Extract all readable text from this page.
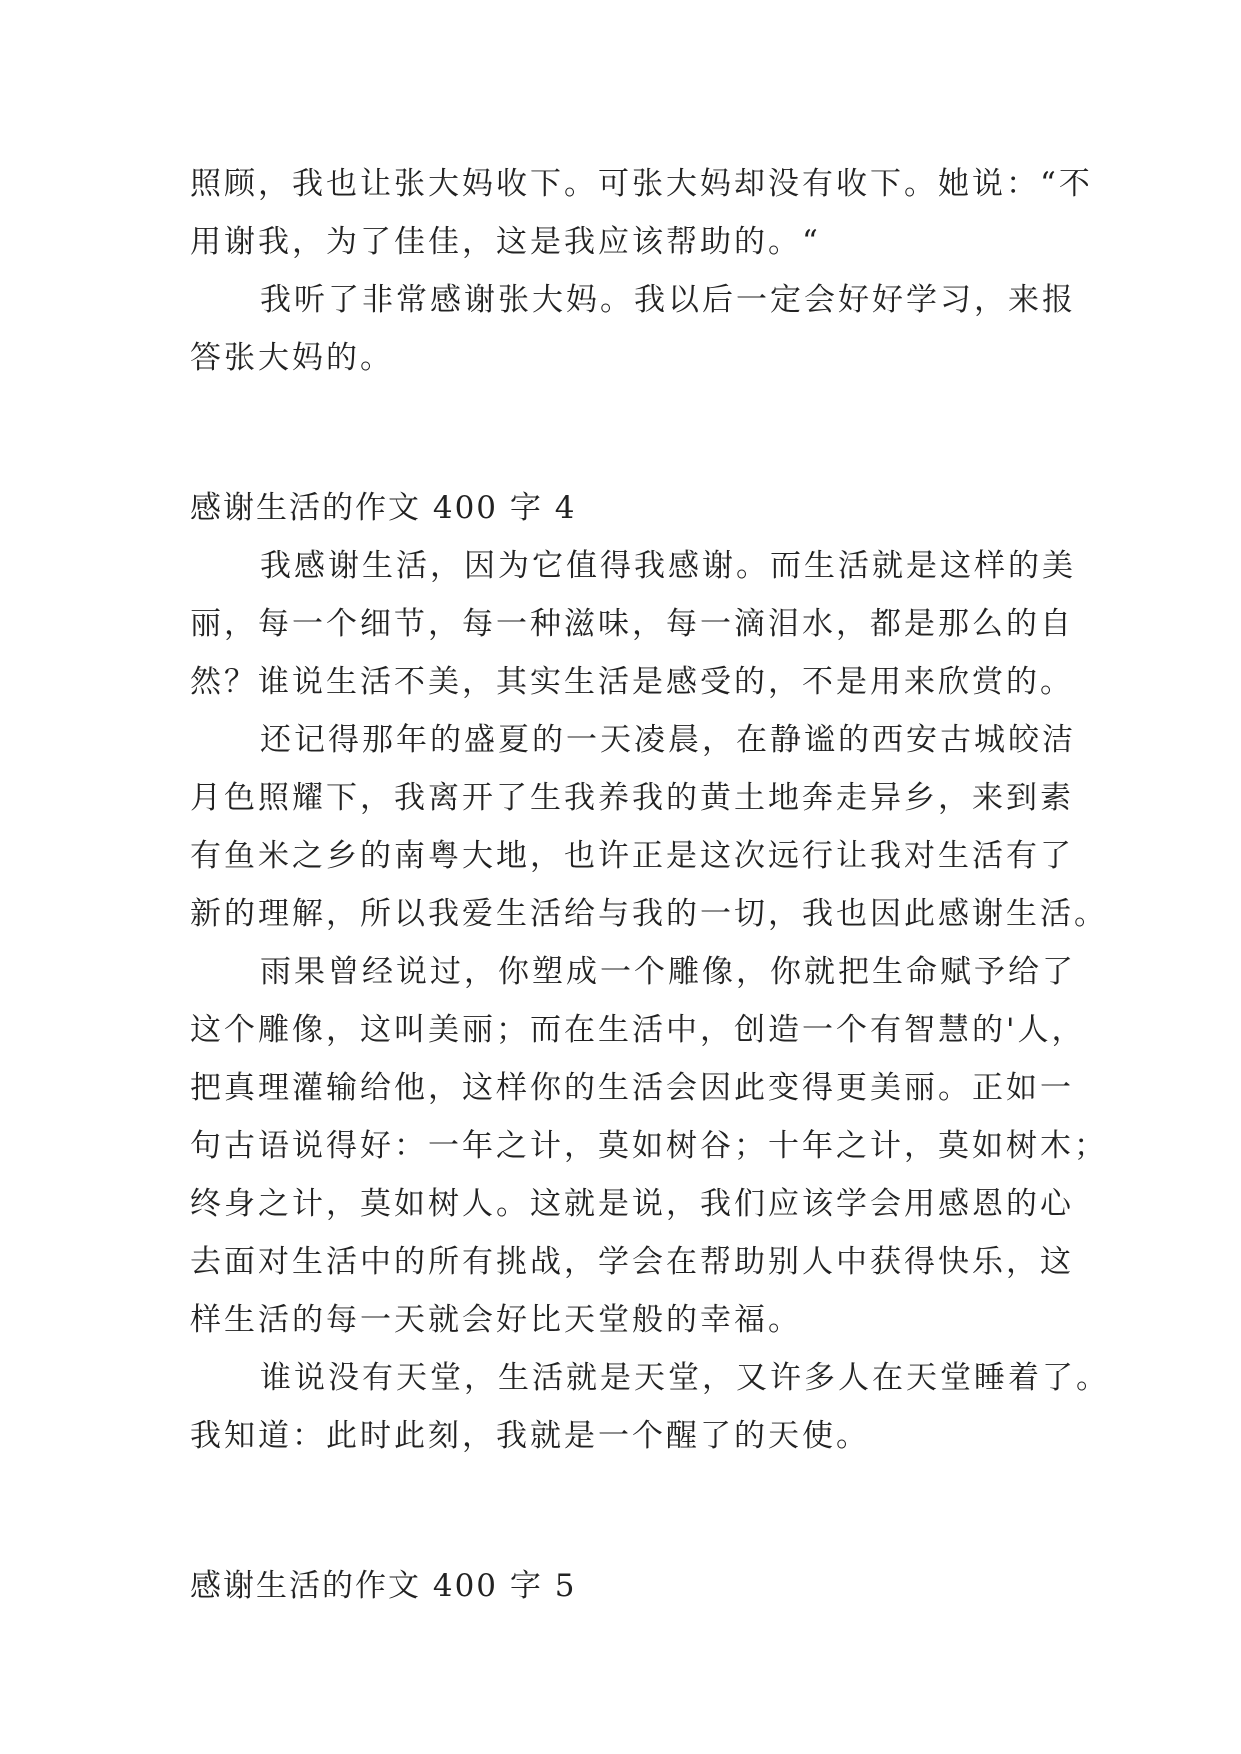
照顾，我也让张大妈收下。可张大妈却没有收下。她说：“不
用谢我，为了佳佳，这是我应该帮助的。“
我听了非常感谢张大妈。我以后一定会好好学习，来报
答张大妈的。
感谢生活的作文 400 字 4
我感谢生活，因为它值得我感谢。而生活就是这样的美
丽，每一个细节，每一种滋味，每一滴泪水，都是那么的自
然？谁说生活不美，其实生活是感受的，不是用来欣赏的。
还记得那年的盛夏的一天凌晨，在静谧的西安古城皎洁
月色照耀下，我离开了生我养我的黄土地奔走异乡，来到素
有鱼米之乡的南粤大地，也许正是这次远行让我对生活有了
新的理解，所以我爱生活给与我的一切，我也因此感谢生活。
雨果曾经说过，你塑成一个雕像，你就把生命赋予给了
这个雕像，这叫美丽；而在生活中，创造一个有智慧的'人，
把真理灌输给他，这样你的生活会因此变得更美丽。正如一
句古语说得好：一年之计，莫如树谷；十年之计，莫如树木；
终身之计，莫如树人。这就是说，我们应该学会用感恩的心
去面对生活中的所有挑战，学会在帮助别人中获得快乐，这
样生活的每一天就会好比天堂般的幸福。
谁说没有天堂，生活就是天堂，又许多人在天堂睡着了。
我知道：此时此刻，我就是一个醒了的天使。
感谢生活的作文 400 字 5
